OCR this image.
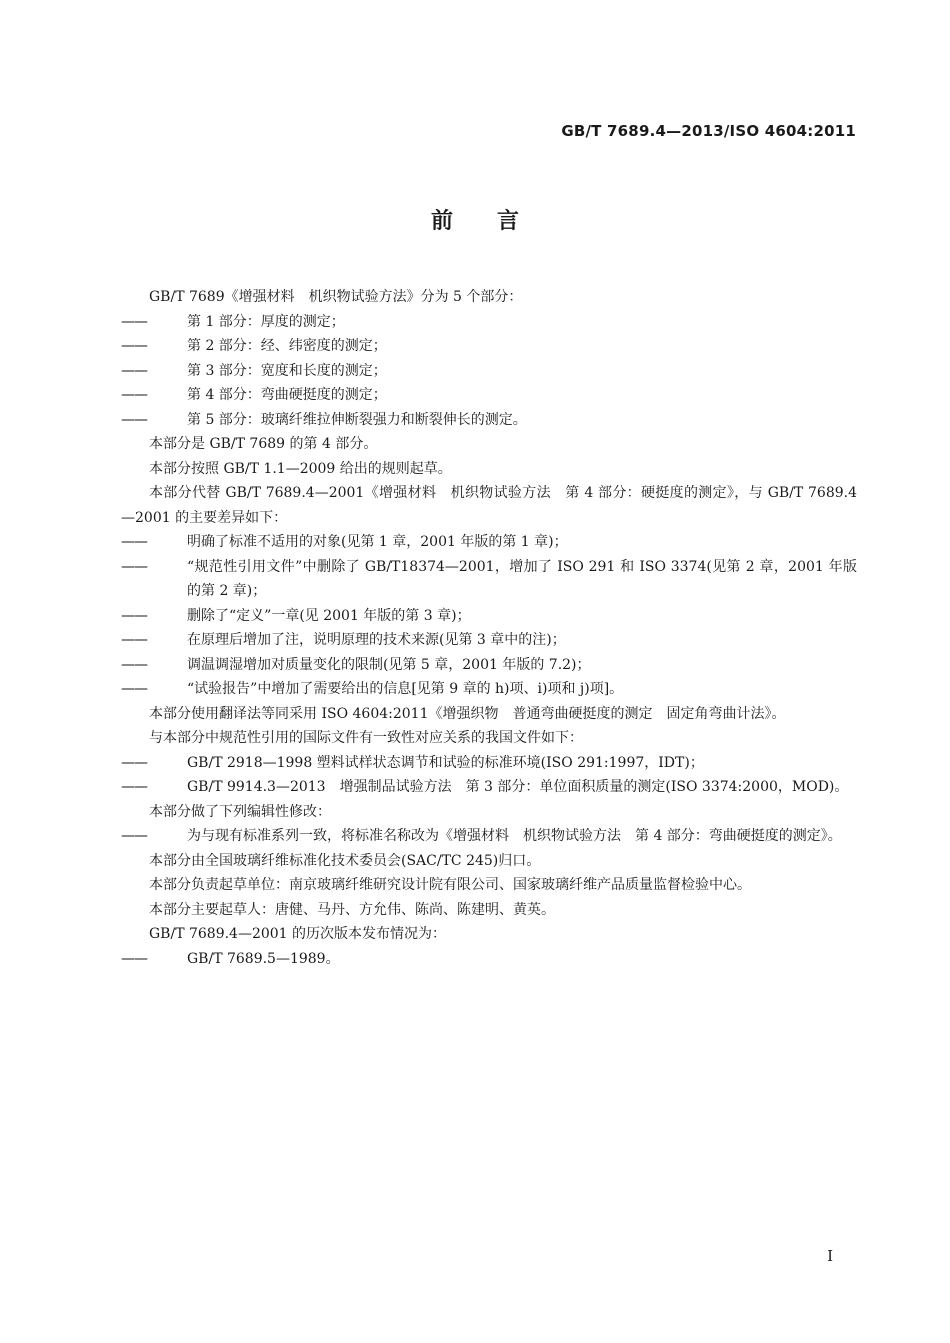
GB/T 7689.4—2013/ISO 4604:2011
前言

GB/T 7689《增强材料　机织物试验方法》分为 5 个部分：

——	第 1 部分：厚度的测定；

——	第 2 部分：经、纬密度的测定；

——	第 3 部分：宽度和长度的测定；

——	第 4 部分：弯曲硬挺度的测定；

——	第 5 部分：玻璃纤维拉伸断裂强力和断裂伸长的测定。

本部分是 GB/T 7689 的第 4 部分。

本部分按照 GB/T 1.1—2009 给出的规则起草。

本部分代替 GB/T 7689.4—2001《增强材料　机织物试验方法　第 4 部分：硬挺度的测定》，与 GB/T 7689.4—2001 的主要差异如下：

——	明确了标准不适用的对象(见第 1 章，2001 年版的第 1 章)；

——	“规范性引用文件”中删除了 GB/T18374—2001，增加了 ISO 291 和 ISO 3374(见第 2 章，2001 年版的第 2 章)；

——	删除了“定义”一章(见 2001 年版的第 3 章)；

——	在原理后增加了注，说明原理的技术来源(见第 3 章中的注)；

——	调温调湿增加对质量变化的限制(见第 5 章，2001 年版的 7.2)；

——	“试验报告”中增加了需要给出的信息[见第 9 章的 h)项、i)项和 j)项]。

本部分使用翻译法等同采用 ISO 4604:2011《增强织物　普通弯曲硬挺度的测定　固定角弯曲计法》。

与本部分中规范性引用的国际文件有一致性对应关系的我国文件如下：

——	GB/T 2918—1998 塑料试样状态调节和试验的标准环境(ISO 291:1997，IDT)；

——	GB/T 9914.3—2013　增强制品试验方法　第 3 部分：单位面积质量的测定(ISO 3374:2000，MOD)。

本部分做了下列编辑性修改：

——	为与现有标准系列一致，将标准名称改为《增强材料　机织物试验方法　第 4 部分：弯曲硬挺度的测定》。

本部分由全国玻璃纤维标准化技术委员会(SAC/TC 245)归口。

本部分负责起草单位：南京玻璃纤维研究设计院有限公司、国家玻璃纤维产品质量监督检验中心。

本部分主要起草人：唐健、马丹、方允伟、陈尚、陈建明、黄英。

GB/T 7689.4—2001 的历次版本发布情况为：

——	GB/T 7689.5—1989。

I
